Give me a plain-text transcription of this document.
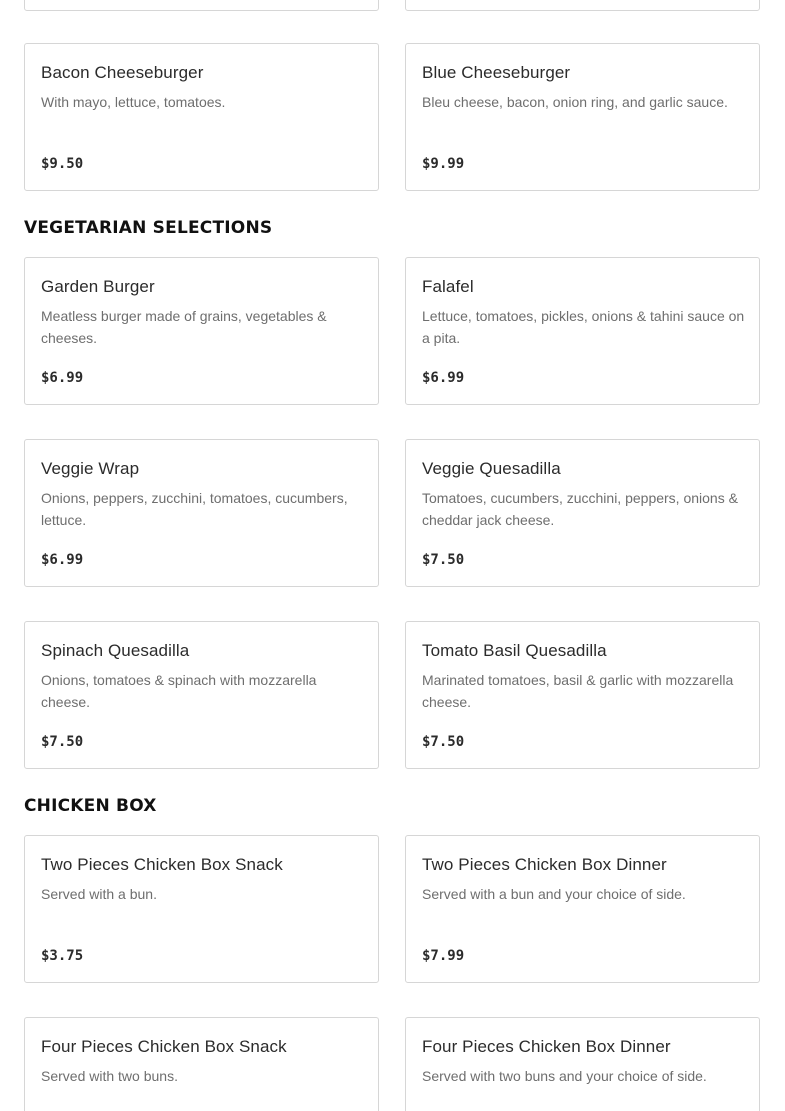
Bacon Cheeseburger
With mayo, lettuce, tomatoes.
$9.50
Blue Cheeseburger
Bleu cheese, bacon, onion ring, and garlic sauce.
$9.99
VEGETARIAN SELECTIONS
Garden Burger
Meatless burger made of grains, vegetables & cheeses.
$6.99
Falafel
Lettuce, tomatoes, pickles, onions & tahini sauce on a pita.
$6.99
Veggie Wrap
Onions, peppers, zucchini, tomatoes, cucumbers, lettuce.
$6.99
Veggie Quesadilla
Tomatoes, cucumbers, zucchini, peppers, onions & cheddar jack cheese.
$7.50
Spinach Quesadilla
Onions, tomatoes & spinach with mozzarella cheese.
$7.50
Tomato Basil Quesadilla
Marinated tomatoes, basil & garlic with mozzarella cheese.
$7.50
CHICKEN BOX
Two Pieces Chicken Box Snack
Served with a bun.
$3.75
Two Pieces Chicken Box Dinner
Served with a bun and your choice of side.
$7.99
Four Pieces Chicken Box Snack
Served with two buns.
Four Pieces Chicken Box Dinner
Served with two buns and your choice of side.
